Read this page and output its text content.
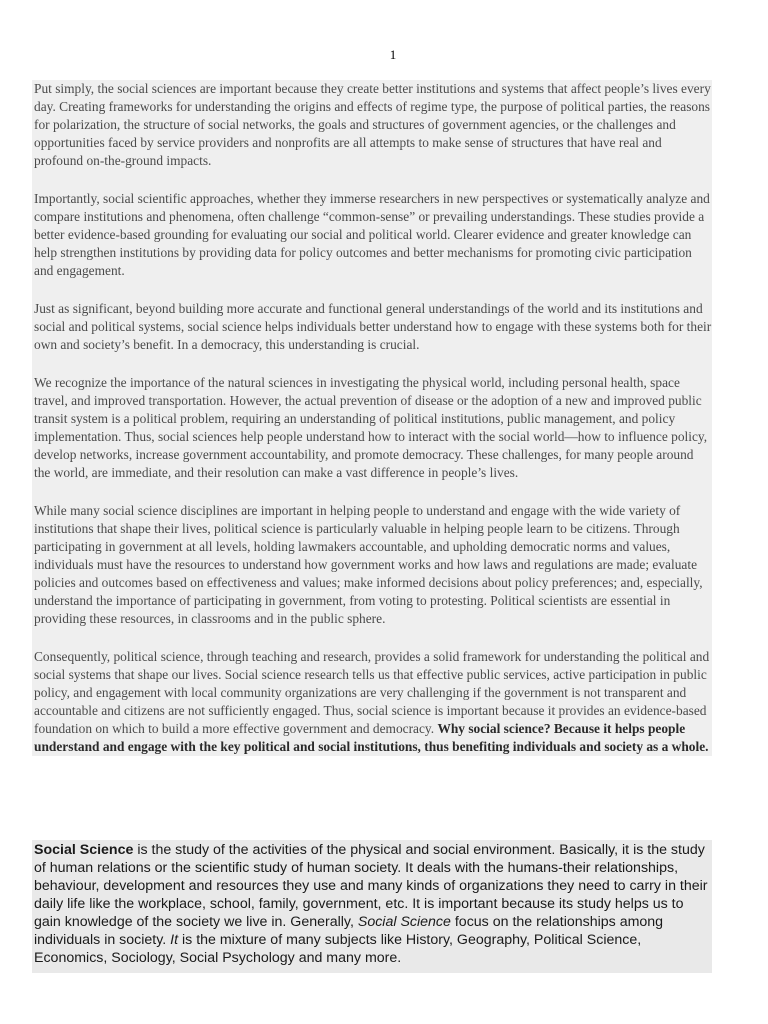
1

Put simply, the social sciences are important because they create better institutions and systems that affect people’s lives every day. Creating frameworks for understanding the origins and effects of regime type, the purpose of political parties, the reasons for polarization, the structure of social networks, the goals and structures of government agencies, or the challenges and opportunities faced by service providers and nonprofits are all attempts to make sense of structures that have real and profound on-the-ground impacts.

Importantly, social scientific approaches, whether they immerse researchers in new perspectives or systematically analyze and compare institutions and phenomena, often challenge “common-sense” or prevailing understandings. These studies provide a better evidence-based grounding for evaluating our social and political world. Clearer evidence and greater knowledge can help strengthen institutions by providing data for policy outcomes and better mechanisms for promoting civic participation and engagement.

Just as significant, beyond building more accurate and functional general understandings of the world and its institutions and social and political systems, social science helps individuals better understand how to engage with these systems both for their own and society’s benefit. In a democracy, this understanding is crucial.

We recognize the importance of the natural sciences in investigating the physical world, including personal health, space travel, and improved transportation. However, the actual prevention of disease or the adoption of a new and improved public transit system is a political problem, requiring an understanding of political institutions, public management, and policy implementation. Thus, social sciences help people understand how to interact with the social world—how to influence policy, develop networks, increase government accountability, and promote democracy. These challenges, for many people around the world, are immediate, and their resolution can make a vast difference in people’s lives.

While many social science disciplines are important in helping people to understand and engage with the wide variety of institutions that shape their lives, political science is particularly valuable in helping people learn to be citizens. Through participating in government at all levels, holding lawmakers accountable, and upholding democratic norms and values, individuals must have the resources to understand how government works and how laws and regulations are made; evaluate policies and outcomes based on effectiveness and values; make informed decisions about policy preferences; and, especially, understand the importance of participating in government, from voting to protesting. Political scientists are essential in providing these resources, in classrooms and in the public sphere.

Consequently, political science, through teaching and research, provides a solid framework for understanding the political and social systems that shape our lives. Social science research tells us that effective public services, active participation in public policy, and engagement with local community organizations are very challenging if the government is not transparent and accountable and citizens are not sufficiently engaged. Thus, social science is important because it provides an evidence-based foundation on which to build a more effective government and democracy. Why social science? Because it helps people understand and engage with the key political and social institutions, thus benefiting individuals and society as a whole.

Social Science is the study of the activities of the physical and social environment. Basically, it is the study of human relations or the scientific study of human society. It deals with the humans-their relationships, behaviour, development and resources they use and many kinds of organizations they need to carry in their daily life like the workplace, school, family, government, etc. It is important because its study helps us to gain knowledge of the society we live in. Generally, Social Science focus on the relationships among individuals in society. It is the mixture of many subjects like History, Geography, Political Science, Economics, Sociology, Social Psychology and many more.
